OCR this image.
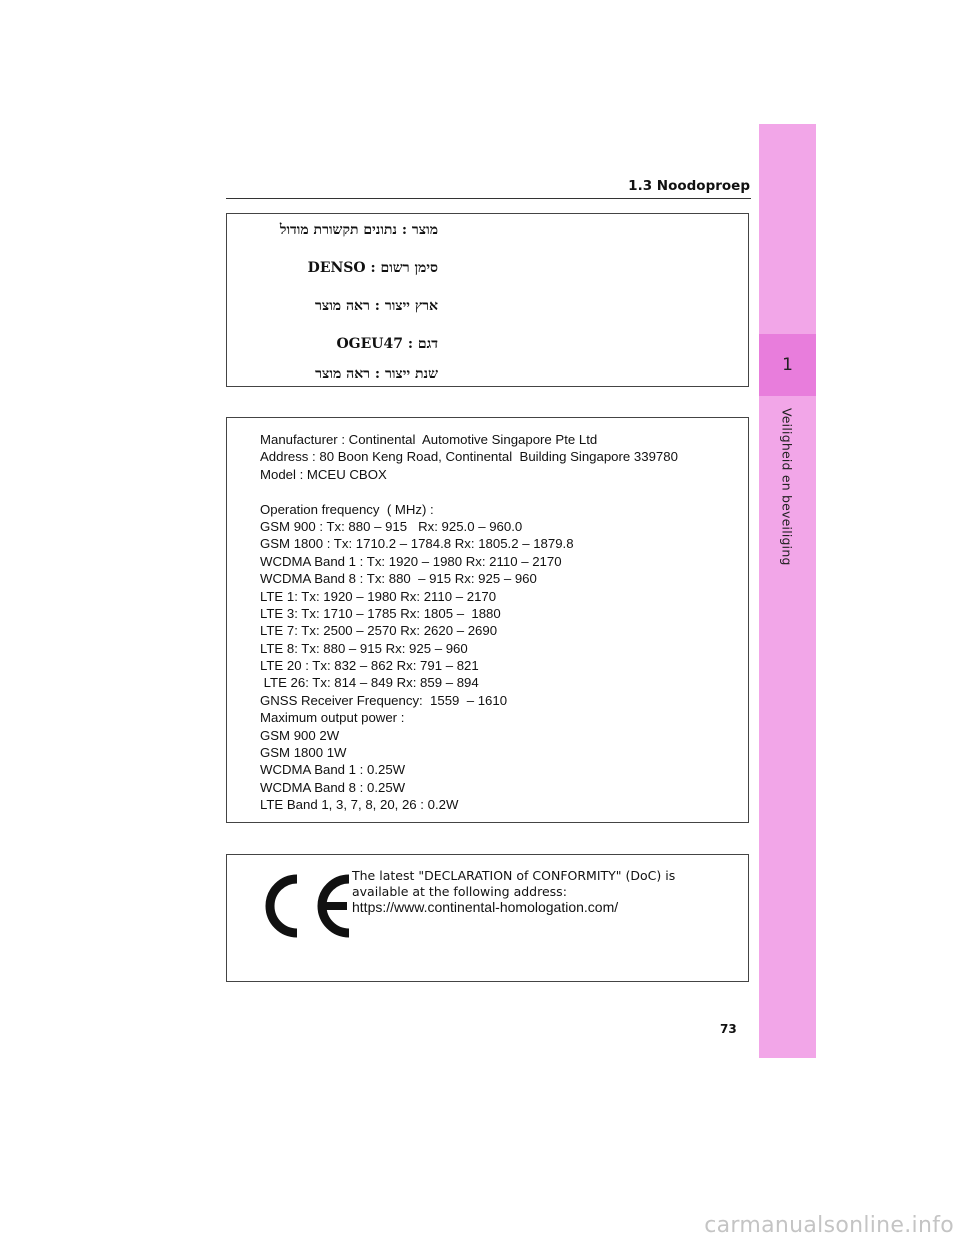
1
Veiligheid en beveiliging
1.3 Noodoproep
מוצר : נתונים תקשורת מודול
סימן רשום : DENSO
ארץ ייצור : ראה מוצר
דגם : OGEU47
שנת ייצור : ראה מוצר
Manufacturer : Continental  Automotive Singapore Pte Ltd
Address : 80 Boon Keng Road, Continental  Building Singapore 339780
Model : MCEU CBOX
Operation frequency  ( MHz) :
GSM 900 : Tx: 880 – 915   Rx: 925.0 – 960.0
GSM 1800 : Tx: 1710.2 – 1784.8 Rx: 1805.2 – 1879.8
WCDMA Band 1 : Tx: 1920 – 1980 Rx: 2110 – 2170
WCDMA Band 8 : Tx: 880  – 915 Rx: 925 – 960
LTE 1: Tx: 1920 – 1980 Rx: 2110 – 2170
LTE 3: Tx: 1710 – 1785 Rx: 1805 –  1880
LTE 7: Tx: 2500 – 2570 Rx: 2620 – 2690
LTE 8: Tx: 880 – 915 Rx: 925 – 960
LTE 20 : Tx: 832 – 862 Rx: 791 – 821
LTE 26: Tx: 814 – 849 Rx: 859 – 894
GNSS Receiver Frequency:  1559  – 1610
Maximum output power :
GSM 900 2W
GSM 1800 1W
WCDMA Band 1 : 0.25W
WCDMA Band 8 : 0.25W
LTE Band 1, 3, 7, 8, 20, 26 : 0.2W
The latest "DECLARATION of CONFORMITY" (DoC) is
available at the following address:
https://www.continental-homologation.com/
73
carmanualsonline.info
